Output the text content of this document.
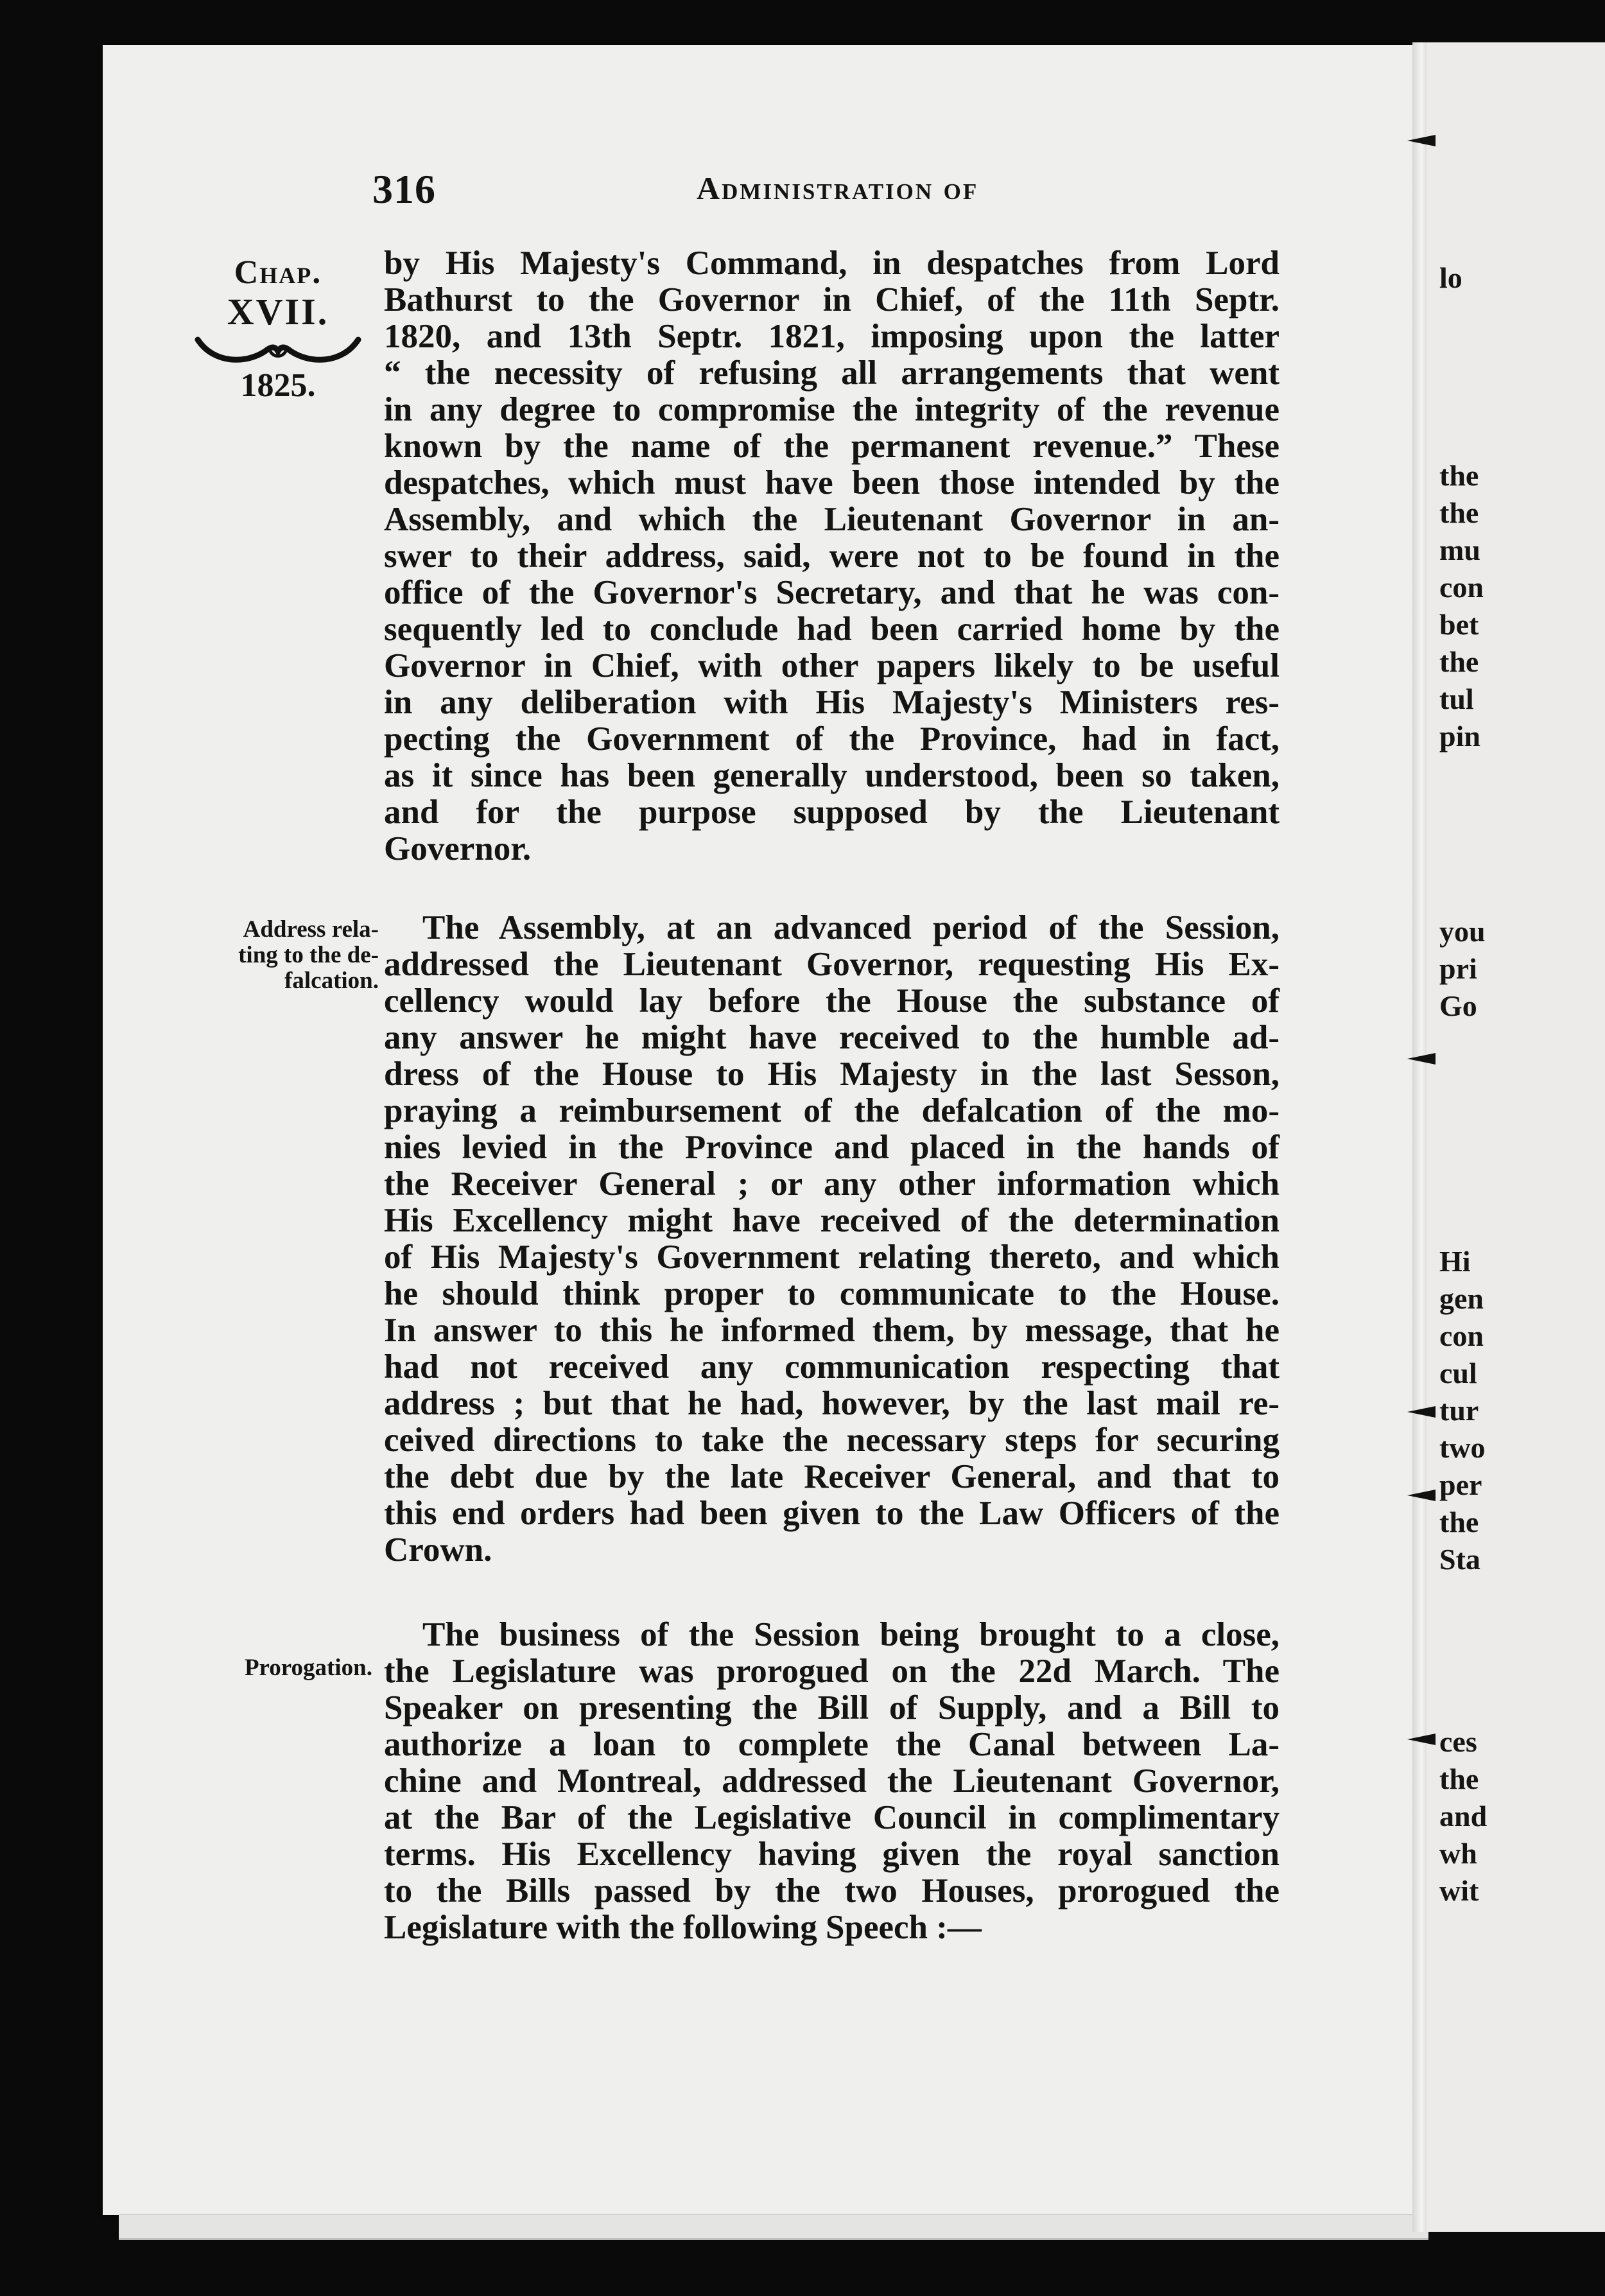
lo
the
the
mu
con
bet
the
tul
pin
you
pri
Go
Hi
gen
con
cul
tur
two
per
the
Sta
ces
the
and
wh
wit
316	Administration of
Chap.
XVII.
1825.
Address rela-
ting to the de-
falcation.
Prorogation.
by His Majesty's Command, in despatches from Lord
Bathurst to the Governor in Chief, of the 11th Septr.
1820, and 13th Septr. 1821, imposing upon the latter
“ the necessity of refusing all arrangements that went
in any degree to compromise the integrity of the revenue
known by the name of the permanent revenue.” These
despatches, which must have been those intended by the
Assembly, and which the Lieutenant Governor in an-
swer to their address, said, were not to be found in the
office of the Governor's Secretary, and that he was con-
sequently led to conclude had been carried home by the
Governor in Chief, with other papers likely to be useful
in any deliberation with His Majesty's Ministers res-
pecting the Government of the Province, had in fact,
as it since has been generally understood, been so taken,
and for the purpose supposed by the Lieutenant
Governor.
The Assembly, at an advanced period of the Session,
addressed the Lieutenant Governor, requesting His Ex-
cellency would lay before the House the substance of
any answer he might have received to the humble ad-
dress of the House to His Majesty in the last Sesson,
praying a reimbursement of the defalcation of the mo-
nies levied in the Province and placed in the hands of
the Receiver General ; or any other information which
His Excellency might have received of the determination
of His Majesty's Government relating thereto, and which
he should think proper to communicate to the House.
In answer to this he informed them, by message, that he
had not received any communication respecting that
address ; but that he had, however, by the last mail re-
ceived directions to take the necessary steps for securing
the debt due by the late Receiver General, and that to
this end orders had been given to the Law Officers of the
Crown.
The business of the Session being brought to a close,
the Legislature was prorogued on the 22d March. The
Speaker on presenting the Bill of Supply, and a Bill to
authorize a loan to complete the Canal between La-
chine and Montreal, addressed the Lieutenant Governor,
at the Bar of the Legislative Council in complimentary
terms. His Excellency having given the royal sanction
to the Bills passed by the two Houses, prorogued the
Legislature with the following Speech :—
